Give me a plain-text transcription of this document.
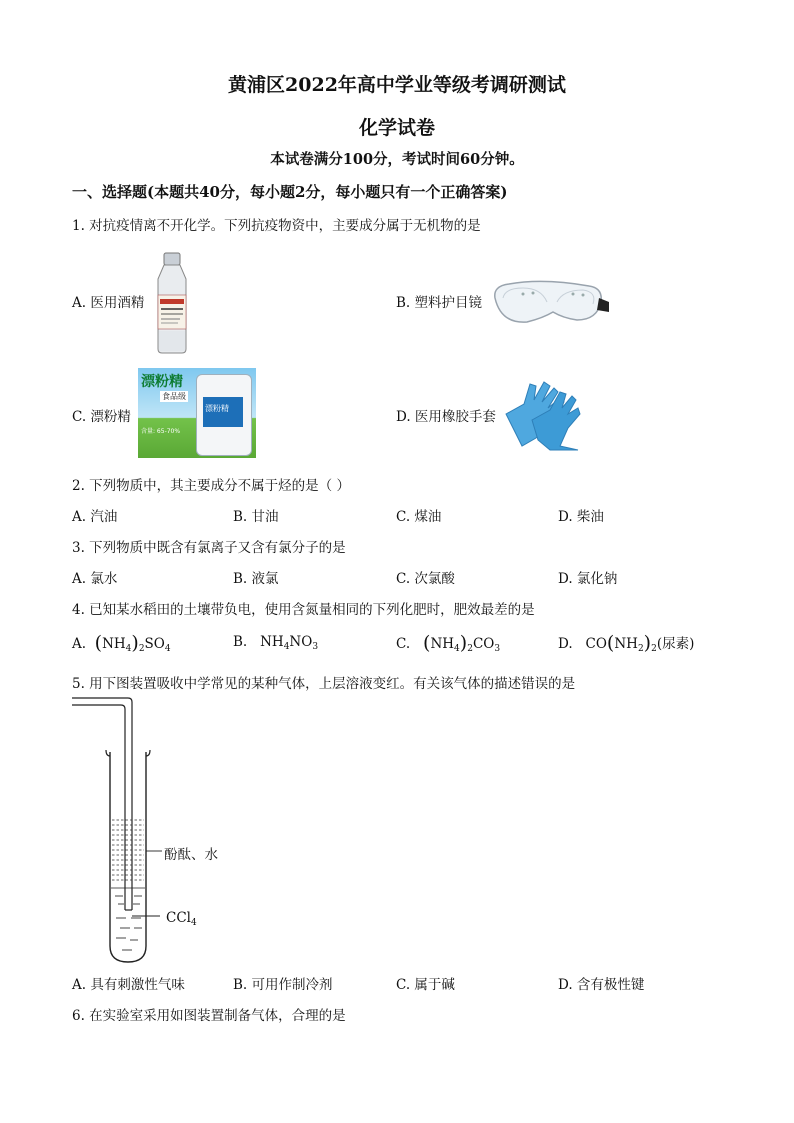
黄浦区2022年高中学业等级考调研测试
化学试卷
本试卷满分100分，考试时间60分钟。
一、选择题(本题共40分，每小题2分，每小题只有一个正确答案)
1. 对抗疫情离不开化学。下列抗疫物资中，主要成分属于无机物的是
A. 医用酒精	B. 塑料护目镜
C. 漂粉精
漂粉精
食品级
漂粉精
含量: 65-70%
D. 医用橡胶手套
2. 下列物质中，其主要成分不属于烃的是（ ）
A. 汽油	B. 甘油	C. 煤油	D. 柴油
3. 下列物质中既含有氯离子又含有氯分子的是
A. 氯水	B. 液氯	C. 次氯酸	D. 氯化钠
4. 已知某水稻田的土壤带负电，使用含氮量相同的下列化肥时，肥效最差的是
A. $(NH_4)_2SO_4$	B.   $NH_4NO_3$	C. $(NH_4)_2CO_3$	D.   $CO(NH_2)_2$(尿素)
5. 用下图装置吸收中学常见的某种气体，上层溶液变红。有关该气体的描述错误的是
酚酞、水
CCl$_4$
A. 具有刺激性气味	B. 可用作制冷剂	C. 属于碱	D. 含有极性键
6. 在实验室采用如图装置制备气体，合理的是
